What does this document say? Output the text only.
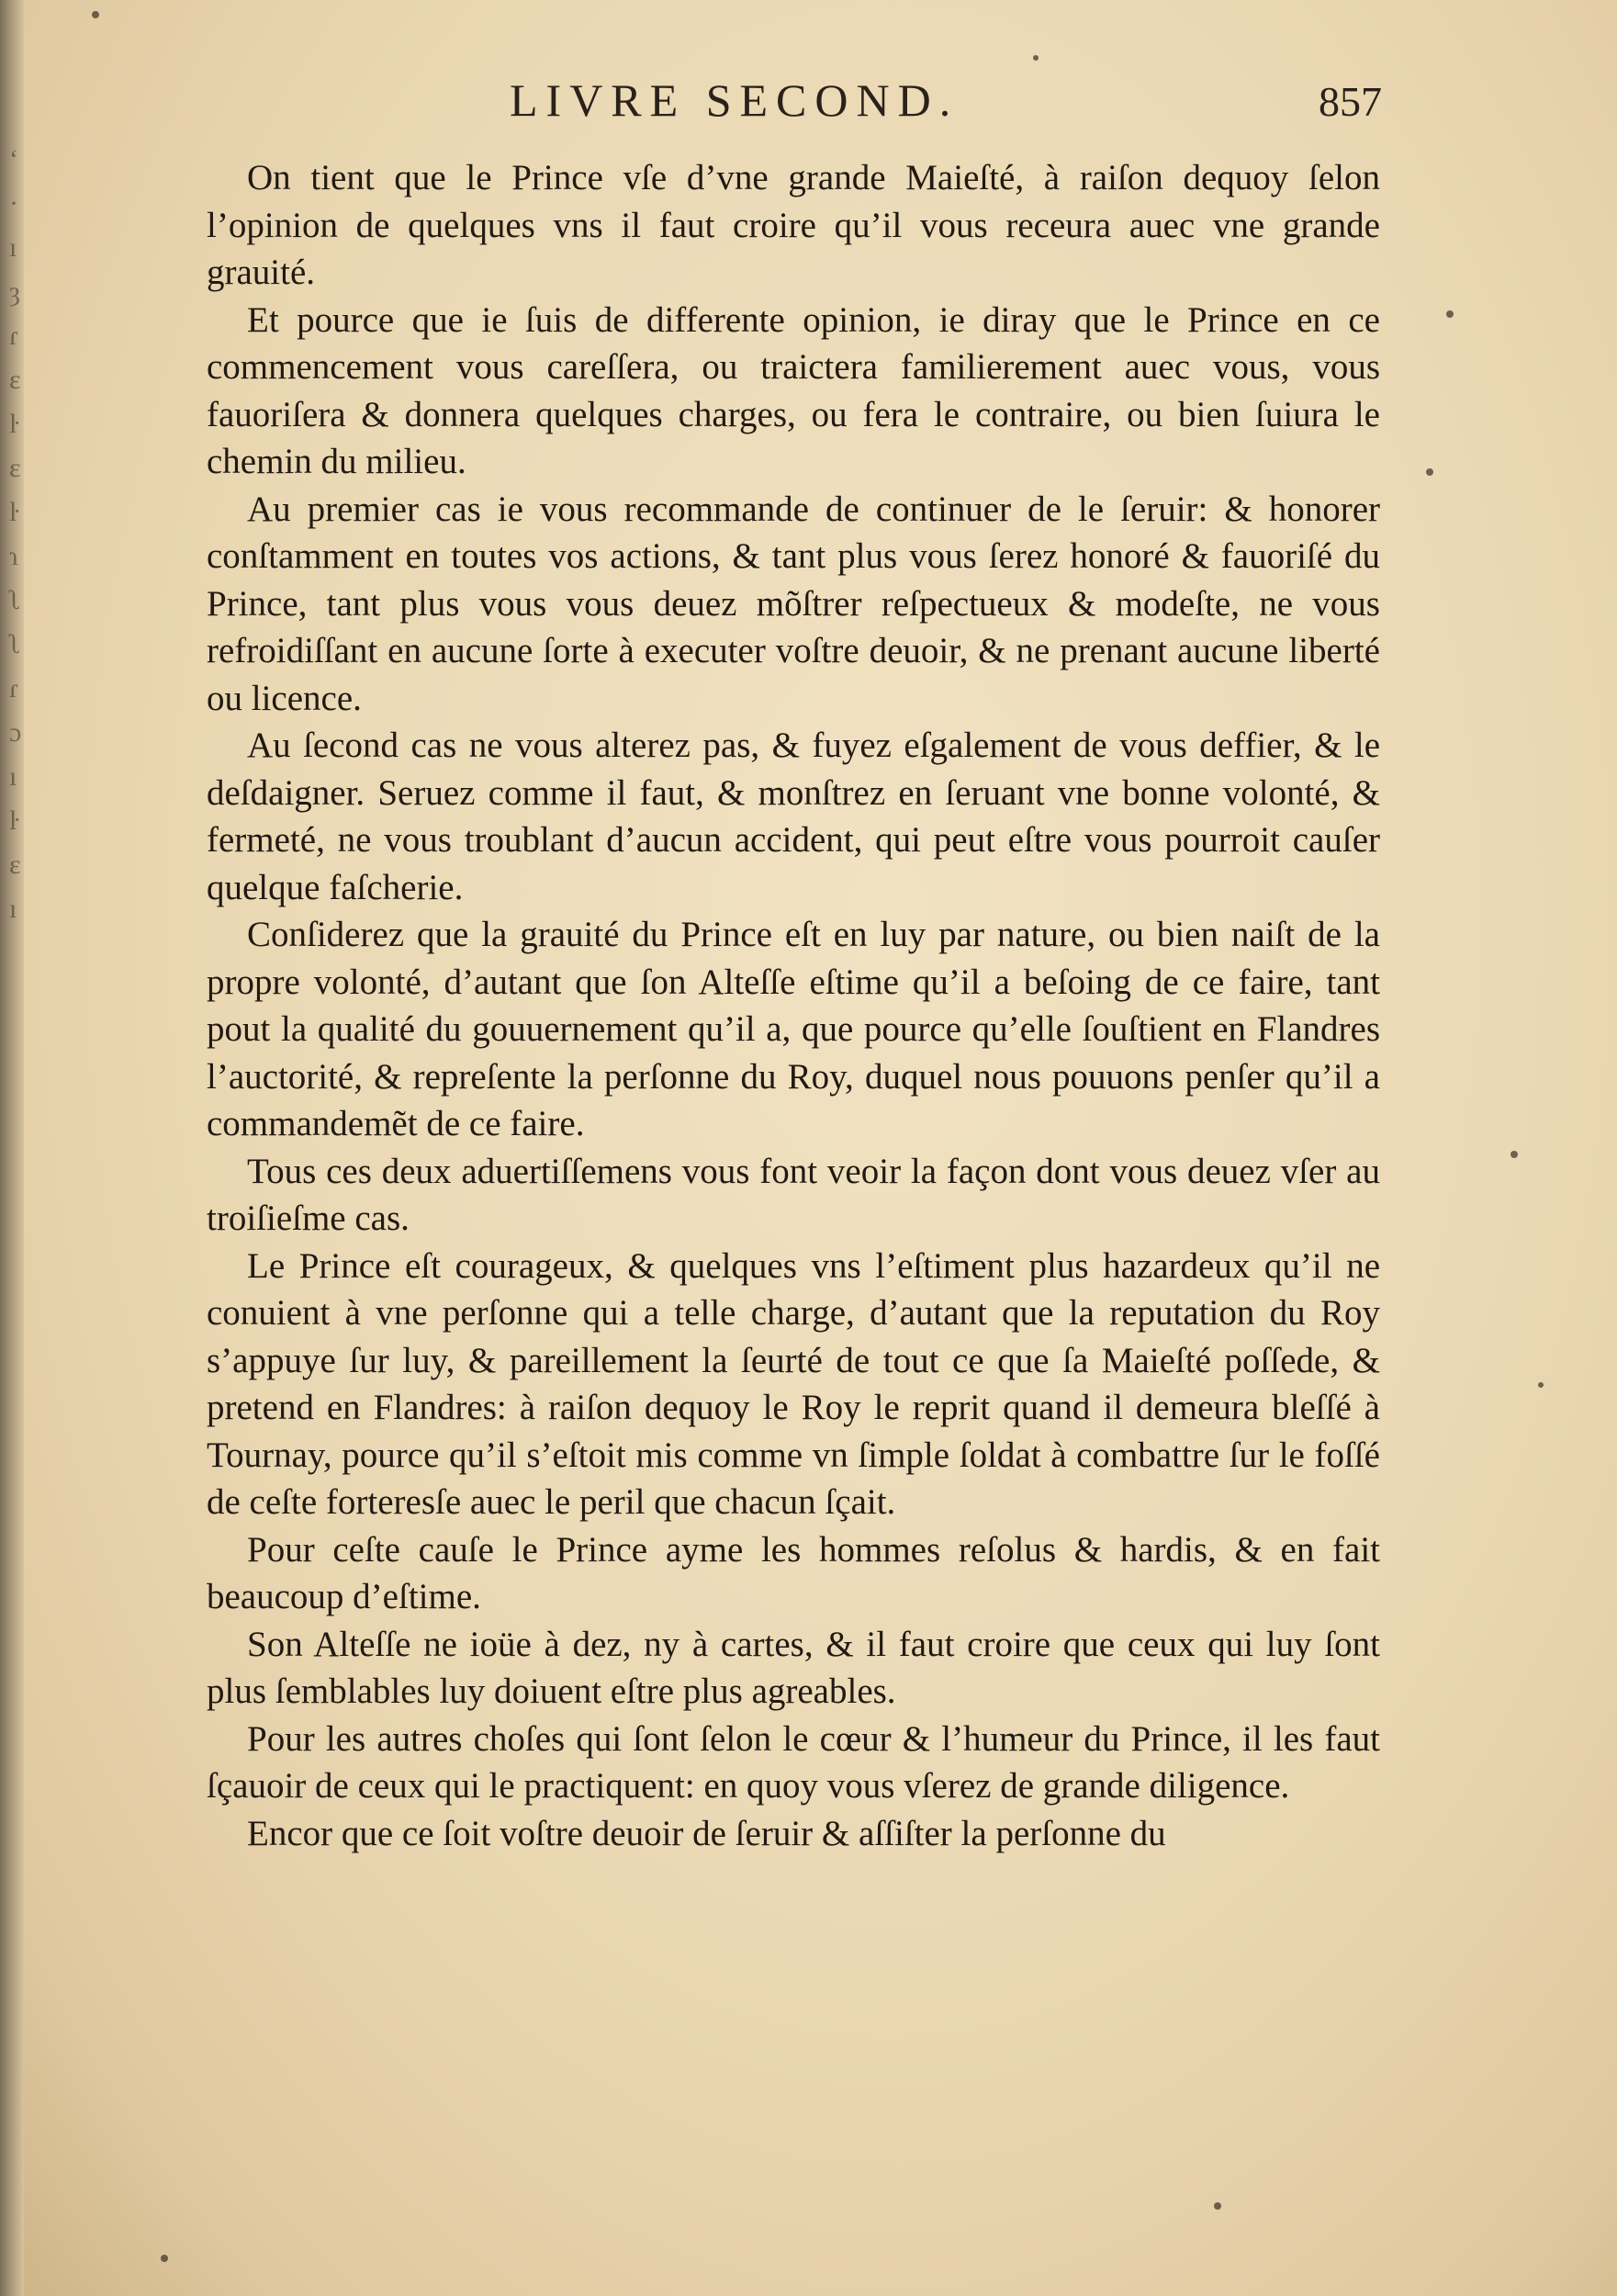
ʻ
·
ı
ȝ
ɾ
ɛ
ŀ
ɛ
ŀ
ɿ
ʅ
ʅ
ɾ
ɔ
ı
ŀ
ɛ
ı
LIVRE SECOND.	857

On tient que le Prince vſe d’vne grande Maieſté, à raiſon dequoy ſelon l’opinion de quelques vns il faut croire qu’il vous receura auec vne grande grauité.

Et pource que ie ſuis de differente opinion, ie diray que le Prince en ce commencement vous careſſera, ou traictera familierement auec vous, vous fauoriſera & donnera quelques charges, ou fera le contraire, ou bien ſuiura le chemin du milieu.

Au premier cas ie vous recommande de continuer de le ſeruir: & honorer conſtamment en toutes vos actions, & tant plus vous ſerez honoré & fauoriſé du Prince, tant plus vous vous deuez mõſtrer reſpectueux & modeſte, ne vous refroidiſſant en aucune ſorte à executer voſtre deuoir, & ne prenant aucune liberté ou licence.

Au ſecond cas ne vous alterez pas, & fuyez eſgalement de vous deffier, & le deſdaigner. Seruez comme il faut, & monſtrez en ſeruant vne bonne volonté, & fermeté, ne vous troublant d’aucun accident, qui peut eſtre vous pourroit cauſer quelque faſcherie.

Conſiderez que la grauité du Prince eſt en luy par nature, ou bien naiſt de la propre volonté, d’autant que ſon Alteſſe eſtime qu’il a beſoing de ce faire, tant pout la qualité du gouuernement qu’il a, que pource qu’elle ſouſtient en Flandres l’auctorité, & repreſente la perſonne du Roy, duquel nous pouuons penſer qu’il a commandemẽt de ce faire.

Tous ces deux aduertiſſemens vous font veoir la façon dont vous deuez vſer au troiſieſme cas.

Le Prince eſt courageux, & quelques vns l’eſtiment plus hazardeux qu’il ne conuient à vne perſonne qui a telle charge, d’autant que la reputation du Roy s’appuye ſur luy, & pareillement la ſeurté de tout ce que ſa Maieſté poſſede, & pretend en Flandres: à raiſon dequoy le Roy le reprit quand il demeura bleſſé à Tournay, pource qu’il s’eſtoit mis comme vn ſimple ſoldat à combattre ſur le foſſé de ceſte forteresſe auec le peril que chacun ſçait.

Pour ceſte cauſe le Prince ayme les hommes reſolus & hardis, & en fait beaucoup d’eſtime.

Son Alteſſe ne ioüe à dez, ny à cartes, & il faut croire que ceux qui luy ſont plus ſemblables luy doiuent eſtre plus agreables.

Pour les autres choſes qui ſont ſelon le cœur & l’humeur du Prince, il les faut ſçauoir de ceux qui le practiquent: en quoy vous vſerez de grande diligence.

Encor que ce ſoit voſtre deuoir de ſeruir & aſſiſter la perſonne du
